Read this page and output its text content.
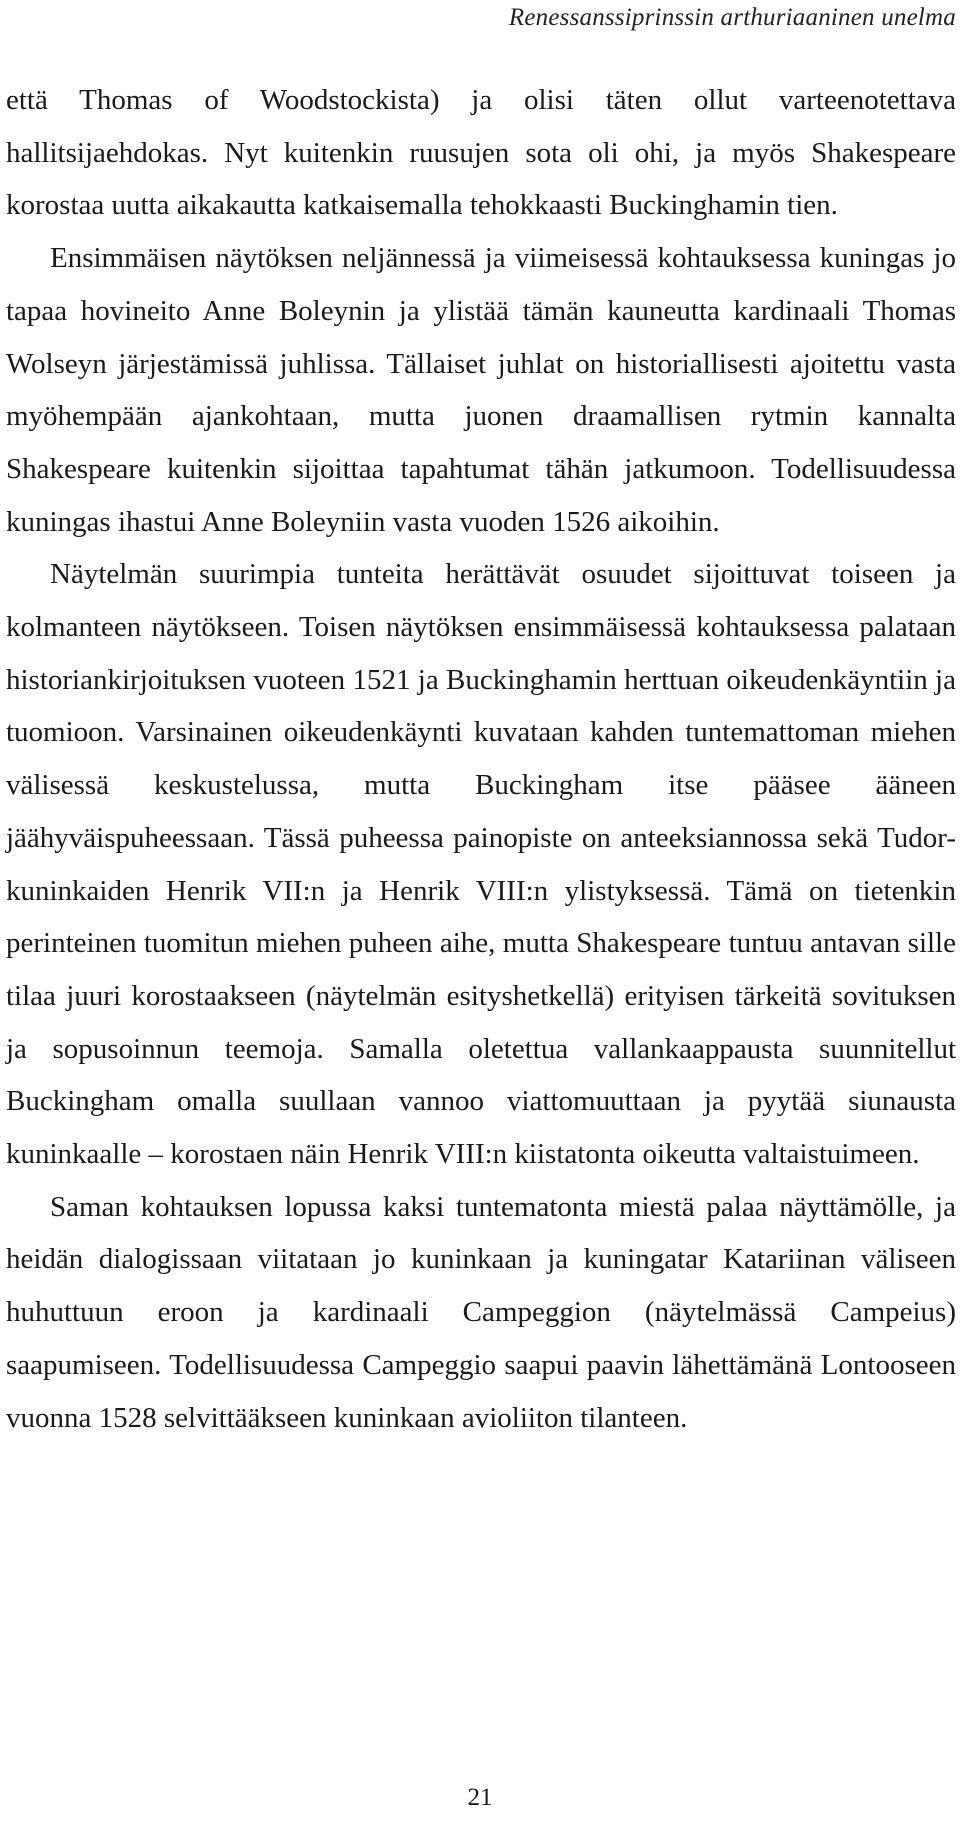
Renessanssiprinssin arthuriaaninen unelma

että Thomas of Woodstockista) ja olisi täten ollut varteenotettava hallitsijaehdokas. Nyt kuitenkin ruusujen sota oli ohi, ja myös Shakespeare korostaa uutta aikakautta katkaisemalla tehokkaasti Buckinghamin tien.

Ensimmäisen näytöksen neljännessä ja viimeisessä kohtauksessa kuningas jo tapaa hovineito Anne Boleynin ja ylistää tämän kauneutta kardinaali Thomas Wolseyn järjestämissä juhlissa. Tällaiset juhlat on historiallisesti ajoitettu vasta myöhempään ajankohtaan, mutta juonen draamallisen rytmin kannalta Shakespeare kuitenkin sijoittaa tapahtumat tähän jatkumoon. Todellisuudessa kuningas ihastui Anne Boleyniin vasta vuoden 1526 aikoihin.

Näytelmän suurimpia tunteita herättävät osuudet sijoittuvat toiseen ja kolmanteen näytökseen. Toisen näytöksen ensimmäisessä kohtauksessa palataan historiankirjoituksen vuoteen 1521 ja Buckinghamin herttuan oikeudenkäyntiin ja tuomioon. Varsinainen oikeudenkäynti kuvataan kahden tuntemattoman miehen välisessä keskustelussa, mutta Buckingham itse pääsee ääneen jäähyväispuheessaan. Tässä puheessa painopiste on anteeksiannossa sekä Tudor-kuninkaiden Henrik VII:n ja Henrik VIII:n ylistyksessä. Tämä on tietenkin perinteinen tuomitun miehen puheen aihe, mutta Shakespeare tuntuu antavan sille tilaa juuri korostaakseen (näytelmän esityshetkellä) erityisen tärkeitä sovituksen ja sopusoinnun teemoja. Samalla oletettua vallankaappausta suunnitellut Buckingham omalla suullaan vannoo viattomuuttaan ja pyytää siunausta kuninkaalle – korostaen näin Henrik VIII:n kiistatonta oikeutta valtaistuimeen.

Saman kohtauksen lopussa kaksi tuntematonta miestä palaa näyttämölle, ja heidän dialogissaan viitataan jo kuninkaan ja kuningatar Katariinan väliseen huhuttuun eroon ja kardinaali Campeggion (näytelmässä Campeius) saapumiseen. Todellisuudessa Campeggio saapui paavin lähettämänä Lontooseen vuonna 1528 selvittääkseen kuninkaan avioliiton tilanteen.

21
